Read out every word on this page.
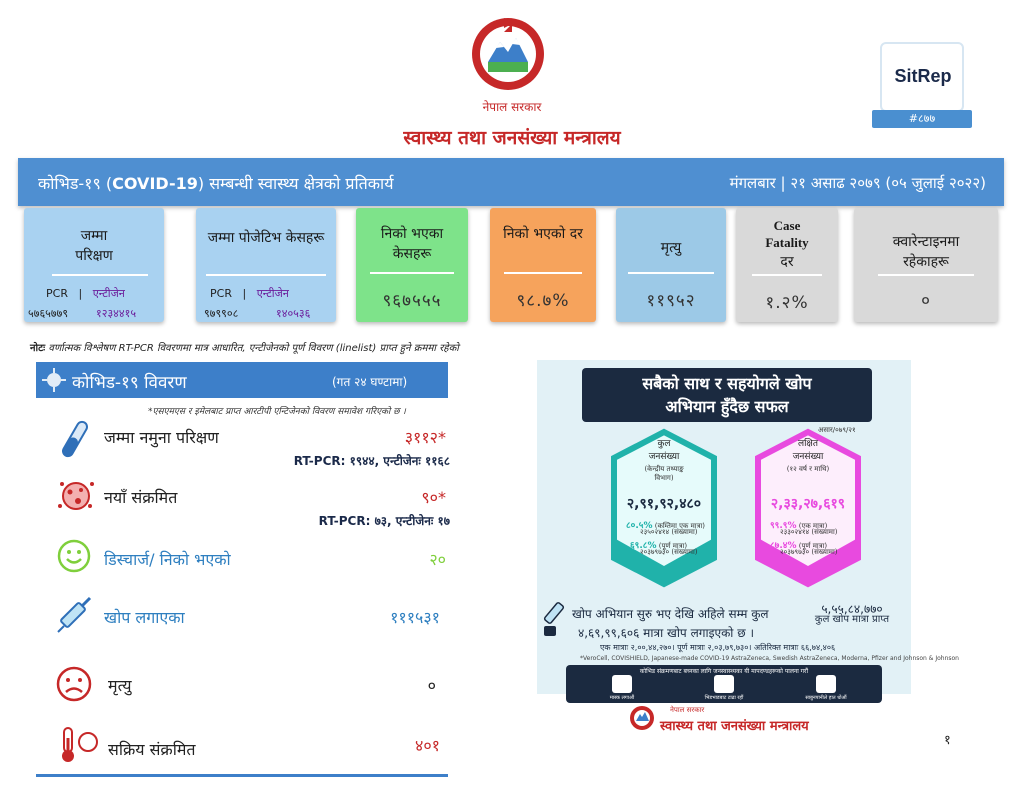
नेपाल सरकार
स्वास्थ्य तथा जनसंख्या मन्त्रालय
SitRep
#८७७
कोभिड-१९ (COVID-19) सम्बन्धी स्वास्थ्य क्षेत्रको प्रतिकार्य	मंगलबार | २१ असाढ २०७९ (०५ जुलाई २०२२)
जम्मा परिक्षण
PCR | एन्टीजेन
५७६५७७९	१२३४४१५
जम्मा पोजेटिभ केसहरू
PCR | एन्टीजेन
९७९९०८	१४०५३६
निको भएका केसहरू
९६७५५५
निको भएको दर
९८.७%
मृत्यु
११९५२
Case
Fatality
दर
१.२%
क्वारेन्टाइनमा रहेकाहरू
०
नोटः वर्णात्मक विश्लेषण RT-PCR विवरणमा मात्र आधारित, एन्टीजेनको पूर्ण विवरण (linelist) प्राप्त हुने क्रममा रहेको
कोभिड-१९ विवरण	(गत २४ घण्टामा)
*एसएमएस र इमेलबाट प्राप्त आरटीपी एन्टिजेनको विवरण समावेश गरिएको छ ।
जम्मा नमुना परिक्षण	३११२*
RT-PCR: १९४४, एन्टीजेनः ११६८
नयाँ संक्रमित	९०*
RT-PCR: ७३, एन्टीजेनः १७
डिस्चार्ज/ निको भएको	२०
खोप लगाएका	१११५३१
मृत्यु	०
सक्रिय संक्रमित	४०१
सबैको साथ र सहयोगले खोप
अभियान हुँदैछ सफल
असार/०७९/२१
कुल
जनसंख्या
(केन्द्रीय तथ्याङ्क विभाग)
२,९१,९२,४८०
८०.५% (कम्तिमा एक मात्रा)
२३५०२४१४ (संख्यामा)
६९.८% (पूर्ण मात्रा)
२०३७९७३० (संख्यामा)
लक्षित
जनसंख्या
(१२ वर्ष र माथि)
२,३३,२७,६१९
९९.९% (एक मात्रा)
२३३०२४१४ (संख्यामा)
८७.४% (पूर्ण मात्रा)
२०३७९७३० (संख्यामा)
खोप अभियान सुरु भए देखि अहिले सम्म कुल
४,६९,९९,६०६ मात्रा खोप लगाइएको छ ।
५,५५,८४,७७०
कुल खोप मात्रा प्राप्त
एक मात्राः २,००,४४,२७०। पूर्ण मात्राः २,०३,७९,७३०। अतिरिक्त मात्राः ६६,७४,४०६
*VeroCell, COVISHIELD, Japanese-made COVID-19 AstraZeneca, Swedish AstraZeneca, Moderna, Pfizer and Johnson & Johnson
कोभिड संक्रमणबाट बच्नका लागि जनस्वास्थ्यका यी मापदण्डहरूको पालना गरौं
मास्क लगाऔं	भिडभाडबाट टाढा रहौं	साबुनपानीले हात धोऔं
नेपाल सरकार
स्वास्थ्य तथा जनसंख्या मन्त्रालय
१
